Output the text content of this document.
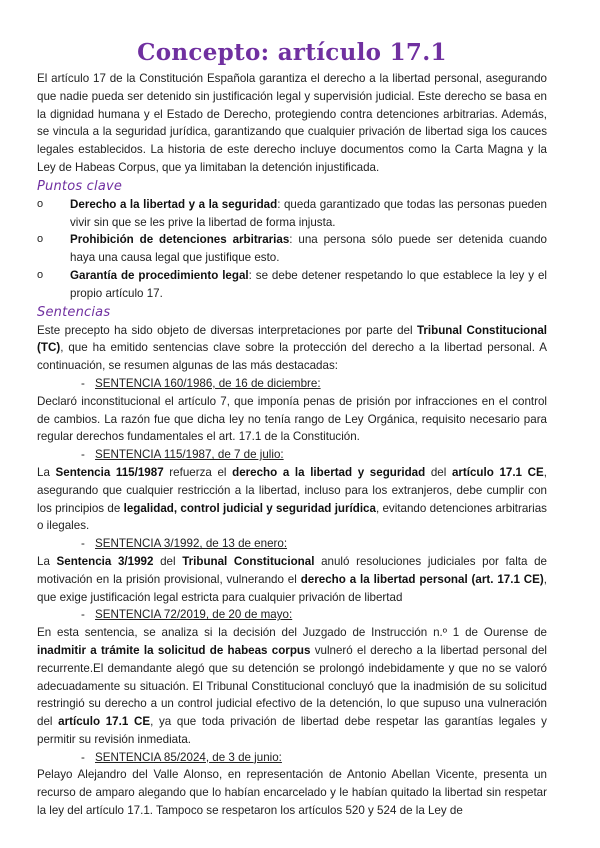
Concepto: artículo 17.1

El artículo 17 de la Constitución Española garantiza el derecho a la libertad personal, asegurando que nadie pueda ser detenido sin justificación legal y supervisión judicial. Este derecho se basa en la dignidad humana y el Estado de Derecho, protegiendo contra detenciones arbitrarias. Además, se vincula a la seguridad jurídica, garantizando que cualquier privación de libertad siga los cauces legales establecidos. La historia de este derecho incluye documentos como la Carta Magna y la Ley de Habeas Corpus, que ya limitaban la detención injustificada.

Puntos clave
o Derecho a la libertad y a la seguridad: queda garantizado que todas las personas pueden vivir sin que se les prive la libertad de forma injusta.
o Prohibición de detenciones arbitrarias: una persona sólo puede ser detenida cuando haya una causa legal que justifique esto.
o Garantía de procedimiento legal: se debe detener respetando lo que establece la ley y el propio artículo 17.
Sentencias

Este precepto ha sido objeto de diversas interpretaciones por parte del Tribunal Constitucional (TC), que ha emitido sentencias clave sobre la protección del derecho a la libertad personal. A continuación, se resumen algunas de las más destacadas:

- SENTENCIA 160/1986, de 16 de diciembre:

Declaró inconstitucional el artículo 7, que imponía penas de prisión por infracciones en el control de cambios. La razón fue que dicha ley no tenía rango de Ley Orgánica, requisito necesario para regular derechos fundamentales el art. 17.1 de la Constitución.

- SENTENCIA 115/1987, de 7 de julio:

La Sentencia 115/1987 refuerza el derecho a la libertad y seguridad del artículo 17.1 CE, asegurando que cualquier restricción a la libertad, incluso para los extranjeros, debe cumplir con los principios de legalidad, control judicial y seguridad jurídica, evitando detenciones arbitrarias o ilegales.

- SENTENCIA 3/1992, de 13 de enero:

La Sentencia 3/1992 del Tribunal Constitucional anuló resoluciones judiciales por falta de motivación en la prisión provisional, vulnerando el derecho a la libertad personal (art. 17.1 CE), que exige justificación legal estricta para cualquier privación de libertad

- SENTENCIA 72/2019, de 20 de mayo:

En esta sentencia, se analiza si la decisión del Juzgado de Instrucción n.º 1 de Ourense de inadmitir a trámite la solicitud de habeas corpus vulneró el derecho a la libertad personal del recurrente.El demandante alegó que su detención se prolongó indebidamente y que no se valoró adecuadamente su situación. El Tribunal Constitucional concluyó que la inadmisión de su solicitud restringió su derecho a un control judicial efectivo de la detención, lo que supuso una vulneración del artículo 17.1 CE, ya que toda privación de libertad debe respetar las garantías legales y permitir su revisión inmediata.

- SENTENCIA 85/2024, de 3 de junio:

Pelayo Alejandro del Valle Alonso, en representación de Antonio Abellan Vicente, presenta un recurso de amparo alegando que lo habían encarcelado y le habían quitado la libertad sin respetar la ley del artículo 17.1. Tampoco se respetaron los artículos 520 y 524 de la Ley de
